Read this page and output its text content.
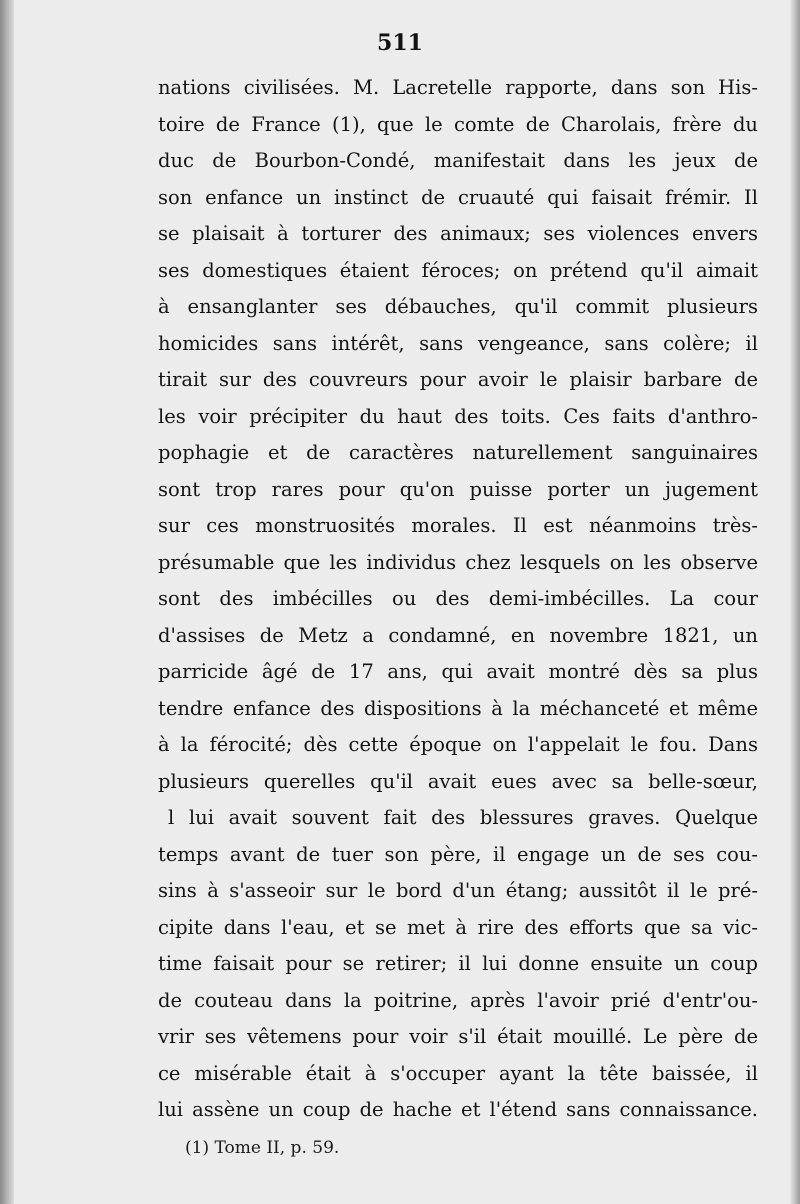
511
nations civilisées. M. Lacretelle rapporte, dans son His-
toire de France (1), que le comte de Charolais, frère du
duc de Bourbon-Condé, manifestait dans les jeux de
son enfance un instinct de cruauté qui faisait frémir. Il
se plaisait à torturer des animaux; ses violences envers
ses domestiques étaient féroces; on prétend qu'il aimait
à ensanglanter ses débauches, qu'il commit plusieurs
homicides sans intérêt, sans vengeance, sans colère; il
tirait sur des couvreurs pour avoir le plaisir barbare de
les voir précipiter du haut des toits. Ces faits d'anthro-
pophagie et de caractères naturellement sanguinaires
sont trop rares pour qu'on puisse porter un jugement
sur ces monstruosités morales. Il est néanmoins très-
présumable que les individus chez lesquels on les observe
sont des imbécilles ou des demi-imbécilles. La cour
d'assises de Metz a condamné, en novembre 1821, un
parricide âgé de 17 ans, qui avait montré dès sa plus
tendre enfance des dispositions à la méchanceté et même
à la férocité; dès cette époque on l'appelait le fou. Dans
plusieurs querelles qu'il avait eues avec sa belle-sœur,
l lui avait souvent fait des blessures graves. Quelque
temps avant de tuer son père, il engage un de ses cou-
sins à s'asseoir sur le bord d'un étang; aussitôt il le pré-
cipite dans l'eau, et se met à rire des efforts que sa vic-
time faisait pour se retirer; il lui donne ensuite un coup
de couteau dans la poitrine, après l'avoir prié d'entr'ou-
vrir ses vêtemens pour voir s'il était mouillé. Le père de
ce misérable était à s'occuper ayant la tête baissée, il
lui assène un coup de hache et l'étend sans connaissance.
(1) Tome II, p. 59.
